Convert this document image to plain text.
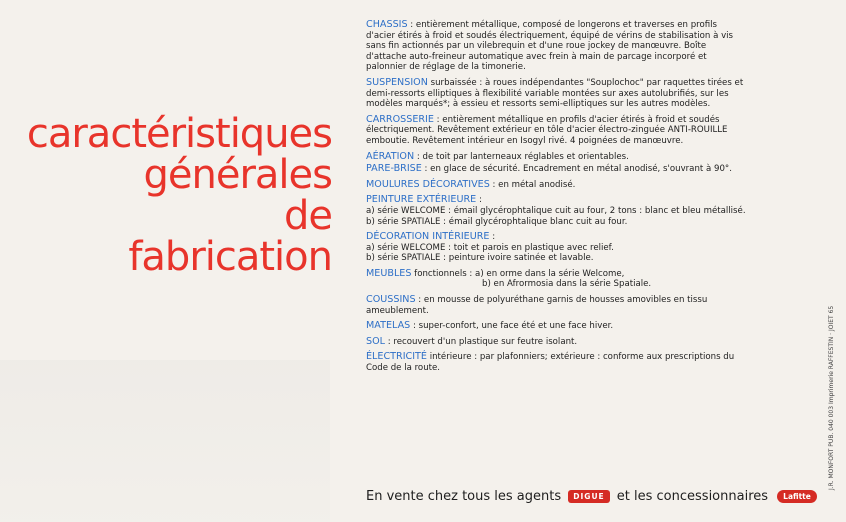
caractéristiques
générales
de
fabrication
CHASSIS : entièrement métallique, composé de longerons et traverses en profils d'acier étirés à froid et soudés électriquement, équipé de vérins de stabilisation à vis sans fin actionnés par un vilebrequin et d'une roue jockey de manœuvre. Boîte d'attache auto-freineur automatique avec frein à main de parcage incorporé et palonnier de réglage de la timonerie.
SUSPENSION surbaissée : à roues indépendantes "Souplochoc" par raquettes tirées et demi-ressorts elliptiques à flexibilité variable montées sur axes autolubrifiés, sur les modèles marqués*; à essieu et ressorts semi-elliptiques sur les autres modèles.
CARROSSERIE : entièrement métallique en profils d'acier étirés à froid et soudés électriquement. Revêtement extérieur en tôle d'acier électro-zinguée ANTI-ROUILLE emboutie. Revêtement intérieur en Isogyl rivé. 4 poignées de manœuvre.
AÉRATION : de toit par lanterneaux réglables et orientables.
PARE-BRISE : en glace de sécurité. Encadrement en métal anodisé, s'ouvrant à 90°.
MOULURES DÉCORATIVES : en métal anodisé.
PEINTURE EXTÉRIEURE :
a) série WELCOME : émail glycérophtalique cuit au four, 2 tons : blanc et bleu métallisé.
b) série SPATIALE : émail glycérophtalique blanc cuit au four.
DÉCORATION INTÉRIEURE :
a) série WELCOME : toit et parois en plastique avec relief.
b) série SPATIALE : peinture ivoire satinée et lavable.
MEUBLES fonctionnels : a) en orme dans la série Welcome,
b) en Afrormosia dans la série Spatiale.
COUSSINS : en mousse de polyuréthane garnis de housses amovibles en tissu ameublement.
MATELAS : super-confort, une face été et une face hiver.
SOL : recouvert d'un plastique sur feutre isolant.
ÉLECTRICITÉ intérieure : par plafonniers; extérieure : conforme aux prescriptions du Code de la route.
En vente chez tous les agents DIGUE et les concessionnaires Lafitte
J.R. MONFORT PUB. 040 003 Imprimerie RAFFESTIN · JOIET 65
